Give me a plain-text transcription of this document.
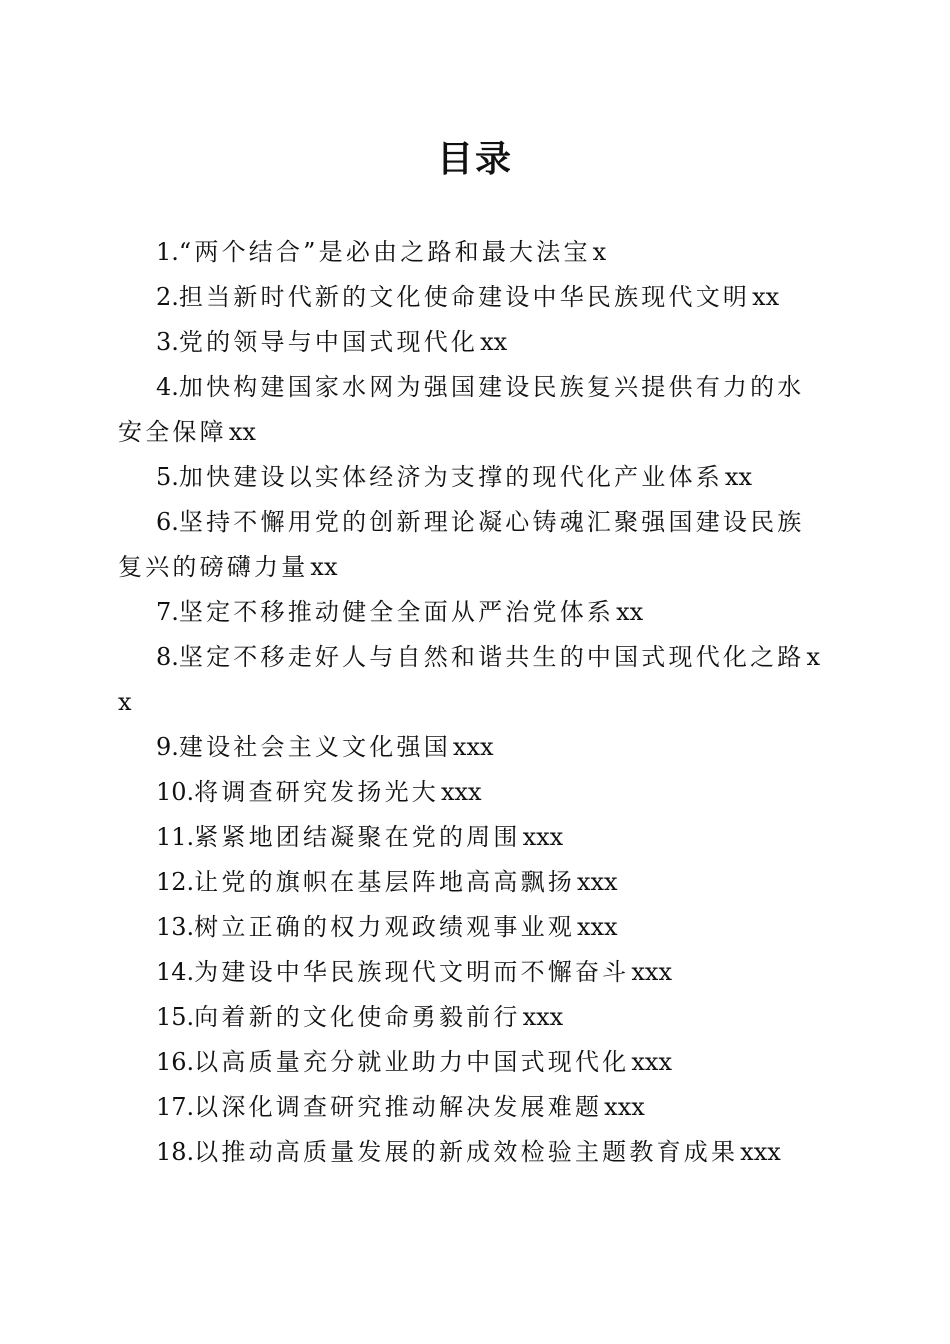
目录
1.“两个结合”是必由之路和最大法宝x
2.担当新时代新的文化使命建设中华民族现代文明xx
3.党的领导与中国式现代化xx
4.加快构建国家水网为强国建设民族复兴提供有力的水安全保障xx
5.加快建设以实体经济为支撑的现代化产业体系xx
6.坚持不懈用党的创新理论凝心铸魂汇聚强国建设民族复兴的磅礴力量xx
7.坚定不移推动健全全面从严治党体系xx
8.坚定不移走好人与自然和谐共生的中国式现代化之路xx
9.建设社会主义文化强国xxx
10.将调查研究发扬光大xxx
11.紧紧地团结凝聚在党的周围xxx
12.让党的旗帜在基层阵地高高飘扬xxx
13.树立正确的权力观政绩观事业观xxx
14.为建设中华民族现代文明而不懈奋斗xxx
15.向着新的文化使命勇毅前行xxx
16.以高质量充分就业助力中国式现代化xxx
17.以深化调查研究推动解决发展难题xxx
18.以推动高质量发展的新成效检验主题教育成果xxx
